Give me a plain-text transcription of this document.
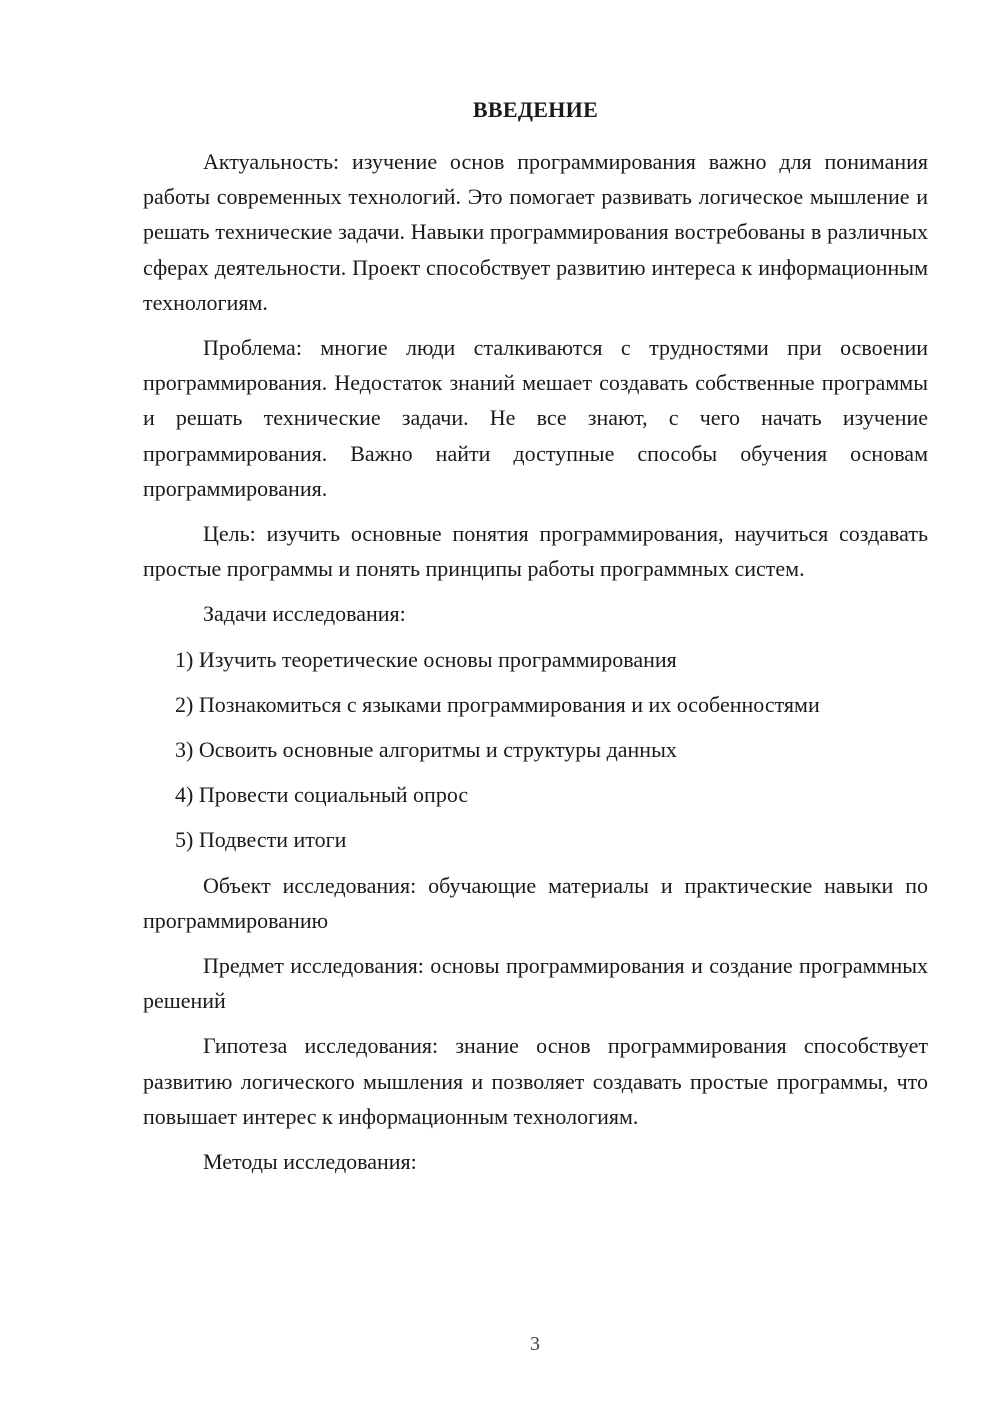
ВВЕДЕНИЕ

Актуальность: изучение основ программирования важно для понимания работы современных технологий. Это помогает развивать логическое мышление и решать технические задачи. Навыки программирования востребованы в различных сферах деятельности. Проект способствует развитию интереса к информационным технологиям.

Проблема: многие люди сталкиваются с трудностями при освоении программирования. Недостаток знаний мешает создавать собственные программы и решать технические задачи. Не все знают, с чего начать изучение программирования. Важно найти доступные способы обучения основам программирования.

Цель: изучить основные понятия программирования, научиться создавать простые программы и понять принципы работы программных систем.

Задачи исследования:

1) Изучить теоретические основы программирования
2) Познакомиться с языками программирования и их особенностями
3) Освоить основные алгоритмы и структуры данных
4) Провести социальный опрос
5) Подвести итоги

Объект исследования: обучающие материалы и практические навыки по программированию

Предмет исследования: основы программирования и создание программных решений

Гипотеза исследования: знание основ программирования способствует развитию логического мышления и позволяет создавать простые программы, что повышает интерес к информационным технологиям.

Методы исследования:

3
